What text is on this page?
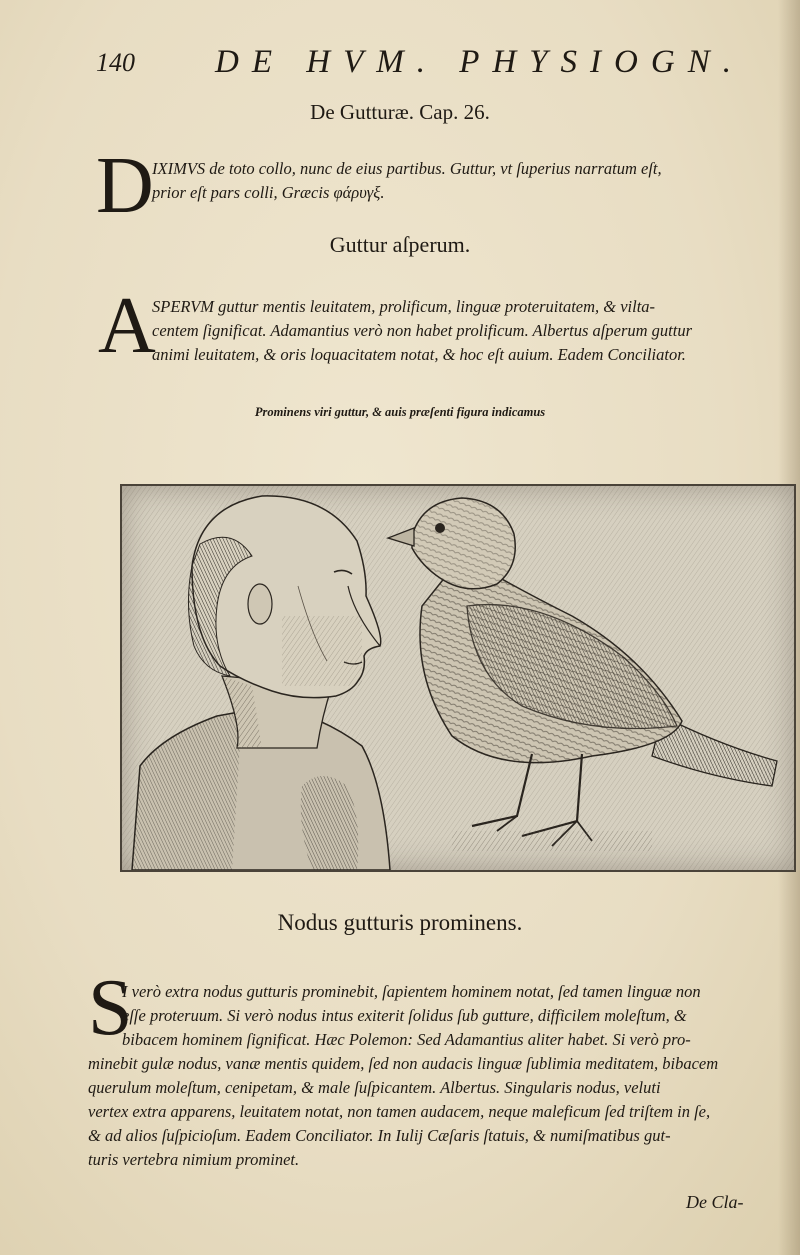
140 DE HVM. PHYSIOGN.
De Gutturæ. Cap. 26.
D
IXIMVS de toto collo, nunc de eius partibus. Guttur, vt ſuperius narratum eſt,
prior eſt pars colli, Græcis φάρυγξ.
Guttur aſperum.
A
SPERVM guttur mentis leuitatem, prolificum, linguæ proteruitatem, & vilta-
centem ſignificat. Adamantius verò non habet prolificum. Albertus aſperum guttur
animi leuitatem, & oris loquacitatem notat, & hoc eſt auium. Eadem Conciliator.
Prominens viri guttur, & auis præſenti figura indicamus
Nodus gutturis prominens.
S
I verò extra nodus gutturis prominebit, ſapientem hominem notat, ſed tamen linguæ non
eſſe proteruum. Si verò nodus intus exiterit ſolidus ſub gutture, difficilem moleſtum, &
bibacem hominem ſignificat. Hæc Polemon: Sed Adamantius aliter habet. Si verò pro-
minebit gulæ nodus, vanæ mentis quidem, ſed non audacis linguæ ſublimia meditatem, bibacem
querulum moleſtum, cenipetam, & male ſuſpicantem. Albertus. Singularis nodus, veluti
vertex extra apparens, leuitatem notat, non tamen audacem, neque maleficum ſed triſtem in ſe,
& ad alios ſuſpicioſum. Eadem Conciliator. In Iulij Cæſaris ſtatuis, & numiſmatibus gut-
turis vertebra nimium prominet.
De Cla-
